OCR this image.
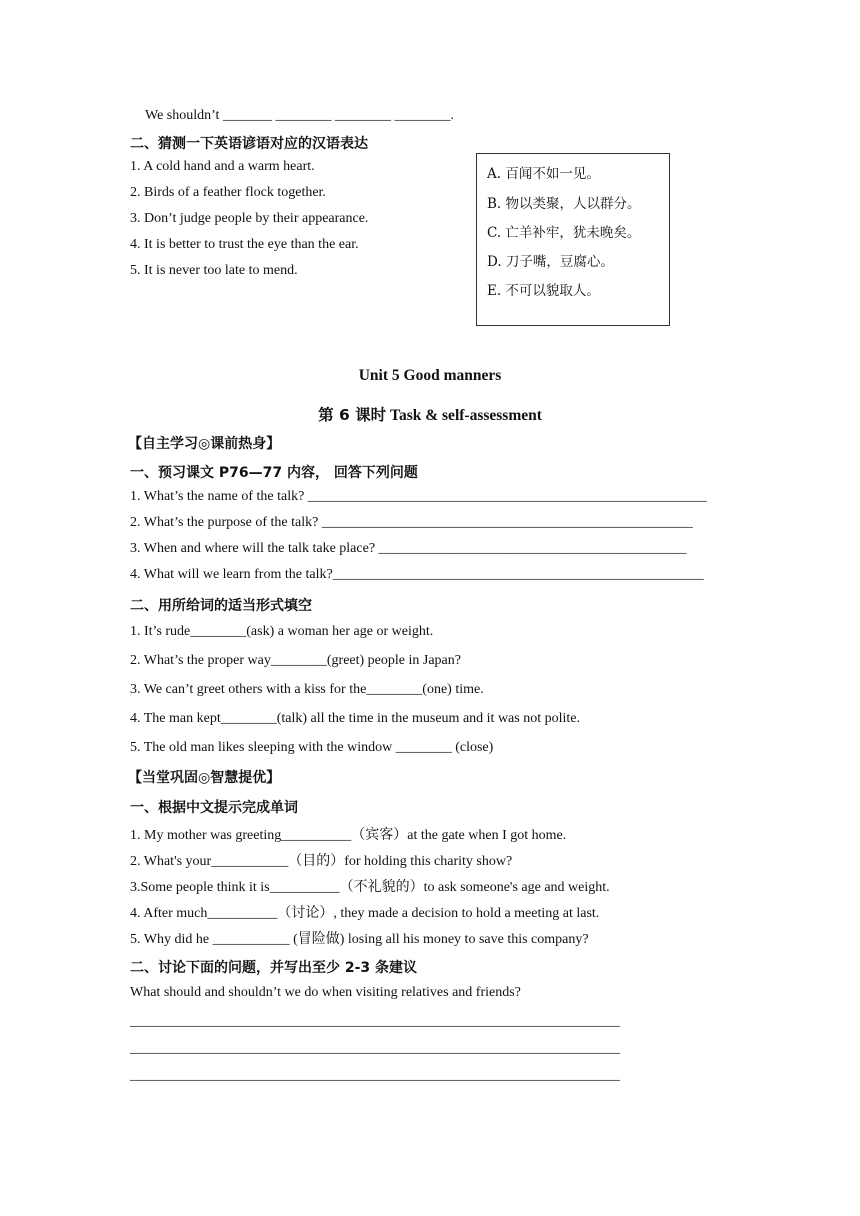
We shouldn’t _______ ________ ________ ________.
二、猜测一下英语谚语对应的汉语表达
1. A cold hand and a warm heart.
2. Birds of a feather flock together.
3. Don’t judge people by their appearance.
4. It is better to trust the eye than the ear.
5. It is never too late to mend.
A. 百闻不如一见。
B. 物以类聚，人以群分。
C. 亡羊补牢，犹未晚矣。
D. 刀子嘴，豆腐心。
E. 不可以貌取人。
Unit 5 Good manners
第 6 课时 Task & self-assessment
【自主学习◎课前热身】
一、预习课文 P76—77 内容， 回答下列问题
1. What’s the name of the talk? _________________________________________________________
2. What’s the purpose of the talk? _____________________________________________________
3. When and where will the talk take place? ____________________________________________
4. What will we learn from the talk?_____________________________________________________
二、用所给词的适当形式填空
1. It’s rude________(ask) a woman her age or weight.
2. What’s the proper way________(greet) people in Japan?
3. We can’t greet others with a kiss for the________(one) time.
4. The man kept________(talk) all the time in the museum and it was not polite.
5. The old man likes sleeping with the window ________ (close)
【当堂巩固◎智慧提优】
一、根据中文提示完成单词
1. My mother was greeting__________（宾客）at the gate when I got home.
2. What's your___________（目的）for holding this charity show?
3.Some people think it is__________（不礼貌的）to ask someone's age and weight.
4. After much__________（讨论）, they made a decision to hold a meeting at last.
5. Why did he ___________ (冒险做) losing all his money to save this company?
二、讨论下面的问题，并写出至少 2-3 条建议
What should and shouldn’t we do when visiting relatives and friends?
______________________________________________________________________
______________________________________________________________________
______________________________________________________________________
